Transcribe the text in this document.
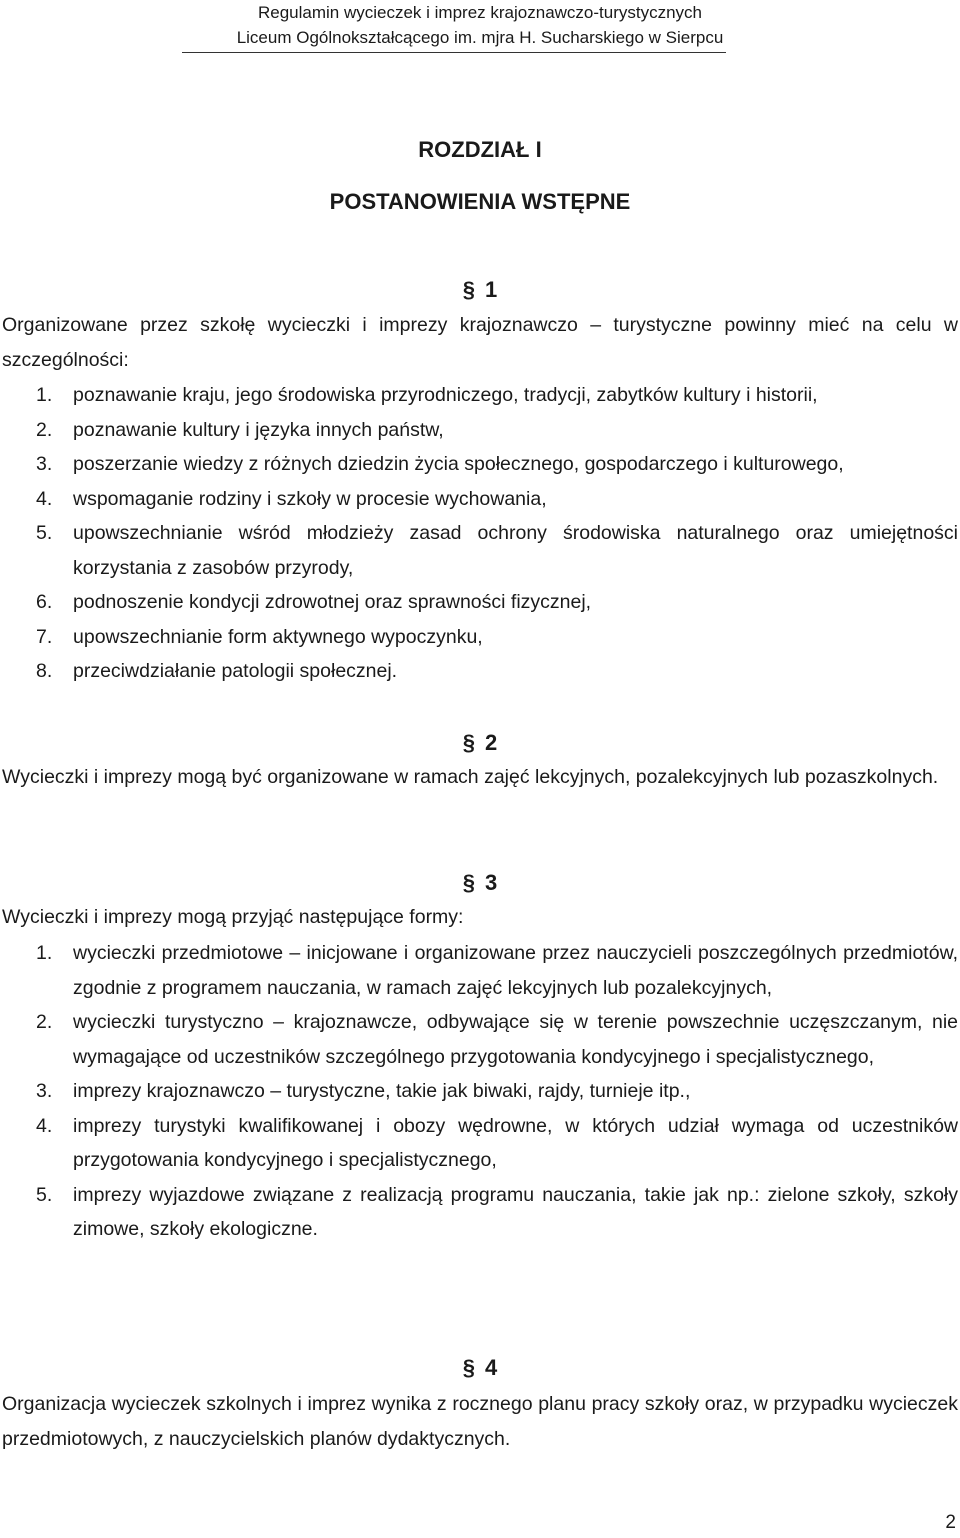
Regulamin wycieczek i imprez krajoznawczo-turystycznych
Liceum Ogólnokształcącego im. mjra H. Sucharskiego w Sierpcu
ROZDZIAŁ I
POSTANOWIENIA WSTĘPNE
§ 1

Organizowane przez szkołę wycieczki i imprezy krajoznawczo – turystyczne powinny mieć na celu w szczególności:

1. poznawanie kraju, jego środowiska przyrodniczego, tradycji, zabytków kultury i historii,
2. poznawanie kultury i języka innych państw,
3. poszerzanie wiedzy z różnych dziedzin życia społecznego, gospodarczego i kulturowego,
4. wspomaganie rodziny i szkoły w procesie wychowania,
5. upowszechnianie wśród młodzieży zasad ochrony środowiska naturalnego oraz umiejętności korzystania z zasobów przyrody,
6. podnoszenie kondycji zdrowotnej oraz sprawności fizycznej,
7. upowszechnianie form aktywnego wypoczynku,
8. przeciwdziałanie patologii społecznej.
§ 2

Wycieczki i imprezy mogą być organizowane w ramach zajęć lekcyjnych, pozalekcyjnych lub pozaszkolnych.

§ 3

Wycieczki i imprezy mogą przyjąć następujące formy:

1. wycieczki przedmiotowe – inicjowane i organizowane przez nauczycieli poszczególnych przedmiotów, zgodnie z programem nauczania, w ramach zajęć lekcyjnych lub pozalekcyjnych,
2. wycieczki turystyczno – krajoznawcze, odbywające się w terenie powszechnie uczęszczanym, nie wymagające od uczestników szczególnego przygotowania kondycyjnego i specjalistycznego,
3. imprezy krajoznawczo – turystyczne, takie jak biwaki, rajdy, turnieje itp.,
4. imprezy turystyki kwalifikowanej i obozy wędrowne, w których udział wymaga od uczestników przygotowania kondycyjnego i specjalistycznego,
5. imprezy wyjazdowe związane z realizacją programu nauczania, takie jak np.: zielone szkoły, szkoły zimowe, szkoły ekologiczne.
§ 4

Organizacja wycieczek szkolnych i imprez wynika z rocznego planu pracy szkoły oraz, w przypadku wycieczek przedmiotowych, z nauczycielskich planów dydaktycznych.

2
